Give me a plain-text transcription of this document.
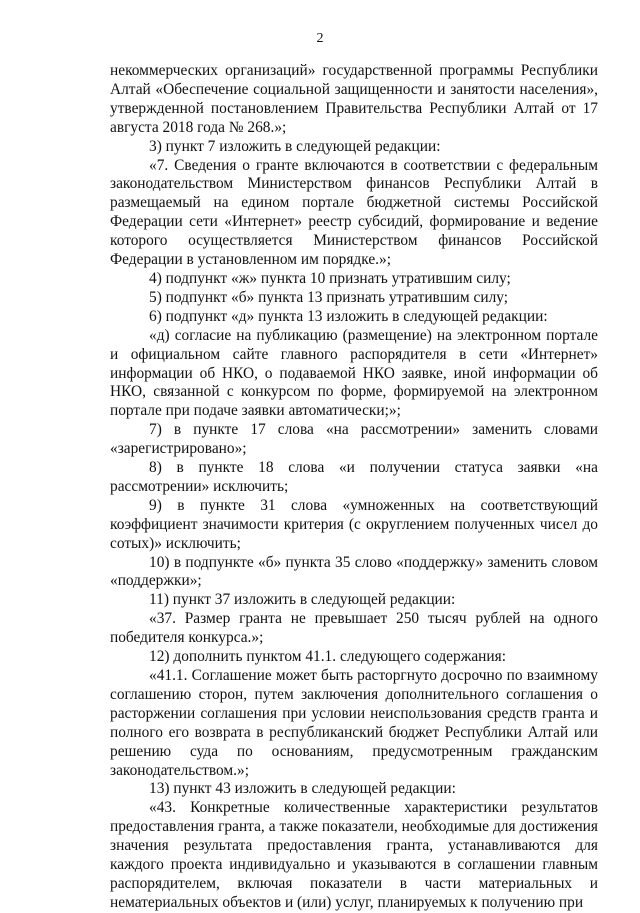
2

некоммерческих организаций» государственной программы Республики Алтай «Обеспечение социальной защищенности и занятости населения», утвержденной постановлением Правительства Республики Алтай от 17 августа 2018 года № 268.»;

3) пункт 7 изложить в следующей редакции:

«7. Сведения о гранте включаются в соответствии с федеральным законодательством Министерством финансов Республики Алтай в размещаемый на едином портале бюджетной системы Российской Федерации сети «Интернет» реестр субсидий, формирование и ведение которого осуществляется Министерством финансов Российской Федерации в установленном им порядке.»;

4) подпункт «ж» пункта 10 признать утратившим силу;

5) подпункт «б» пункта 13 признать утратившим силу;

6) подпункт «д» пункта 13 изложить в следующей редакции:

«д) согласие на публикацию (размещение) на электронном портале и официальном сайте главного распорядителя в сети «Интернет» информации об НКО, о подаваемой НКО заявке, иной информации об НКО, связанной с конкурсом по форме, формируемой на электронном портале при подаче заявки автоматически;»;

7) в пункте 17 слова «на рассмотрении» заменить словами «зарегистрировано»;

8) в пункте 18 слова «и получении статуса заявки «на рассмотрении» исключить;

9) в пункте 31 слова «умноженных на соответствующий коэффициент значимости критерия (с округлением полученных чисел до сотых)» исключить;

10) в подпункте «б» пункта 35 слово «поддержку» заменить словом «поддержки»;

11) пункт 37 изложить в следующей редакции:

«37. Размер гранта не превышает 250 тысяч рублей на одного победителя конкурса.»;

12) дополнить пунктом 41.1. следующего содержания:

«41.1. Соглашение может быть расторгнуто досрочно по взаимному соглашению сторон, путем заключения дополнительного соглашения о расторжении соглашения при условии неиспользования средств гранта и полного его возврата в республиканский бюджет Республики Алтай или решению суда по основаниям, предусмотренным гражданским законодательством.»;

13) пункт 43 изложить в следующей редакции:

«43. Конкретные количественные характеристики результатов предоставления гранта, а также показатели, необходимые для достижения значения результата предоставления гранта, устанавливаются для каждого проекта индивидуально и указываются в соглашении главным распорядителем, включая показатели в части материальных и нематериальных объектов и (или) услуг, планируемых к получению при
